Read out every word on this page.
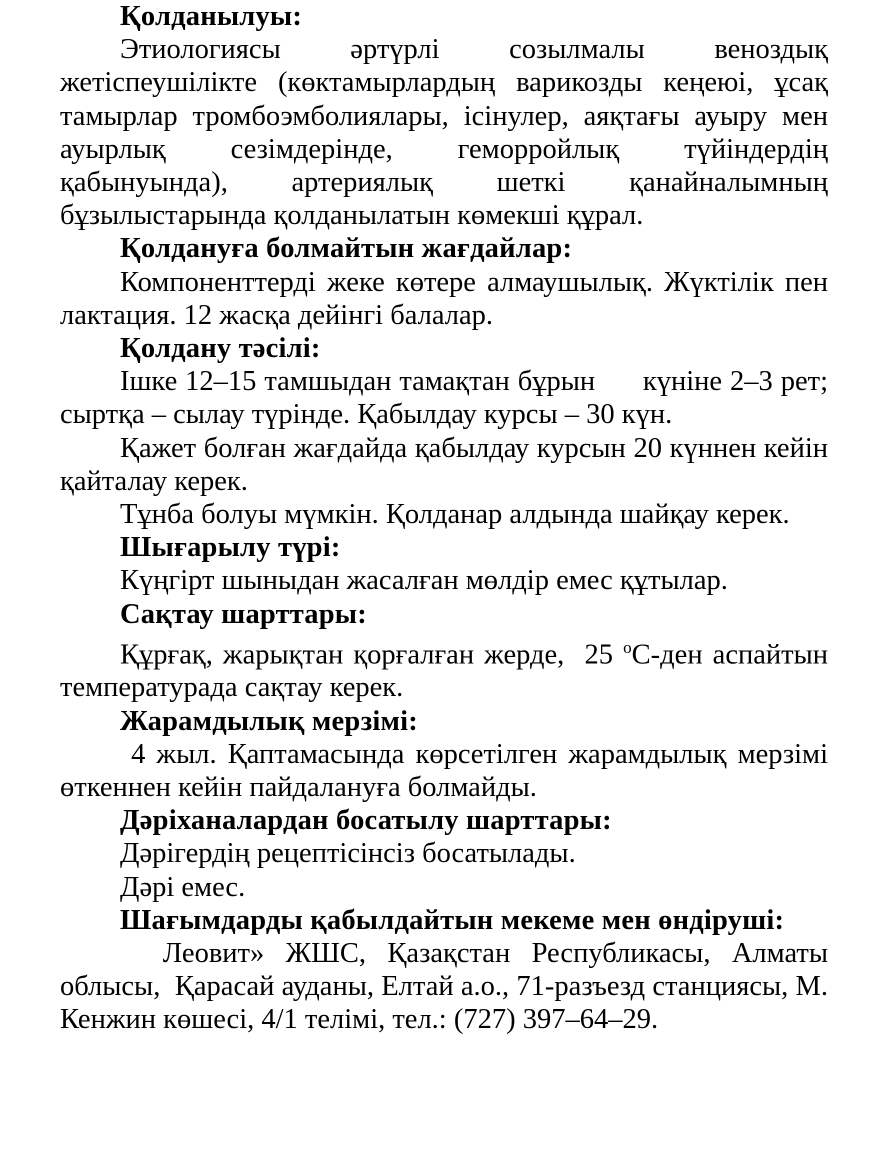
Қолданылуы:

Этиологиясы әртүрлі созылмалы веноздық жетіспеушілікте (көктамырлардың варикозды кеңеюі, ұсақ тамырлар тромбоэмболиялары, ісінулер, аяқтағы ауыру мен ауырлық сезімдерінде, геморройлық түйіндердің қабынуында), артериялық шеткі қанайналымның бұзылыстарында қолданылатын көмекші құрал.

Қолдануға болмайтын жағдайлар:

Компоненттерді жеке көтере алмаушылық. Жүктілік пен лактация. 12 жасқа дейінгі балалар.

Қолдану тәсілі:

Ішке 12–15 тамшыдан тамақтан бұрын      күніне 2–3 рет; сыртқа – сылау түрінде. Қабылдау курсы – 30 күн.

Қажет болған жағдайда қабылдау курсын 20 күннен кейін қайталау керек.

Тұнба болуы мүмкін. Қолданар алдында шайқау керек.

Шығарылу түрі:

Күңгірт шыныдан жасалған мөлдір емес құтылар.

Сақтау шарттары:

Құрғақ, жарықтан қорғалған жерде,  25 $^о$С-ден аспайтын температурада сақтау керек.

Жарамдылық мерзімі:

4 жыл. Қаптамасында көрсетілген жарамдылық мерзімі өткеннен кейін пайдалануға болмайды.

Дәріханалардан босатылу шарттары:

Дәрігердің рецептісінсіз босатылады.

Дәрі емес.

Шағымдарды қабылдайтын мекеме мен өндіруші:

Леовит» ЖШС, Қазақстан Республикасы, Алматы облысы,  Қарасай ауданы, Елтай а.о., 71-разъезд станциясы, М. Кенжин көшесі, 4/1 телімі, тел.: (727) 397–64–29.
